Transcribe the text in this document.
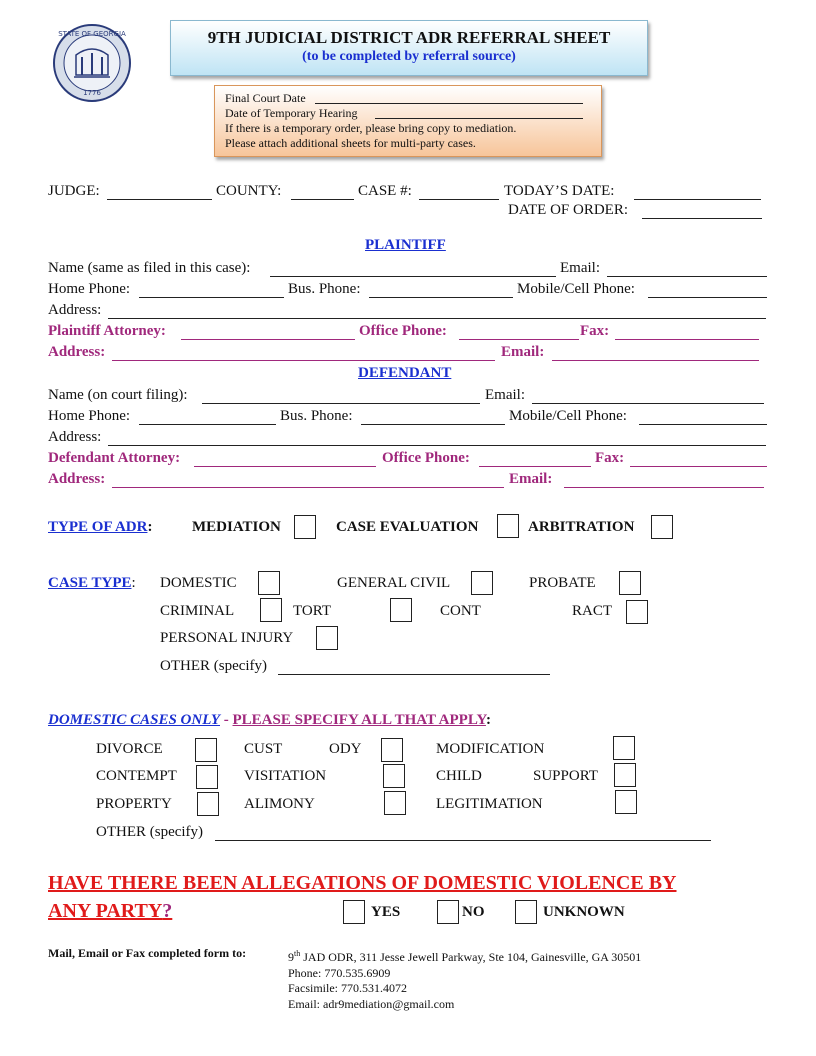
STATE OF GEORGIA
1776
9TH JUDICIAL DISTRICT ADR REFERRAL SHEET
(to be completed by referral source)
Final Court Date
Date of Temporary Hearing
If there is a temporary order, please bring copy to mediation.
Please attach additional sheets for multi-party cases.
JUDGE:	COUNTY:	CASE #:	TODAY’S DATE:
DATE OF ORDER:
PLAINTIFF
Name (same as filed in this case):	Email:
Home Phone:	Bus. Phone:	Mobile/Cell Phone:
Address:
Plaintiff Attorney:	Office Phone:	Fax:
Address:	Email:
DEFENDANT
Name (on court filing):	Email:
Home Phone:	Bus. Phone:	Mobile/Cell Phone:
Address:
Defendant Attorney:	Office Phone:	Fax:
Address:	Email:
TYPE OF ADR:	MEDIATION	CASE EVALUATION	ARBITRATION
CASE TYPE: DOMESTIC	GENERAL CIVIL	PROBATE
CRIMINAL	TORT	CONT	RACT
PERSONAL INJURY
OTHER (specify)
DOMESTIC CASES ONLY - PLEASE SPECIFY ALL THAT APPLY:
DIVORCE	CUST	ODY	MODIFICATION
CONTEMPT	VISITATION	CHILD	SUPPORT
PROPERTY	ALIMONY	LEGITIMATION
OTHER (specify)
HAVE THERE BEEN ALLEGATIONS OF DOMESTIC VIOLENCE BY
ANY PARTY?	YES	NO	UNKNOWN
Mail, Email or Fax completed form to:	9th JAD ODR, 311 Jesse Jewell Parkway, Ste 104, Gainesville, GA 30501
Phone: 770.535.6909
Facsimile: 770.531.4072
Email: adr9mediation@gmail.com
